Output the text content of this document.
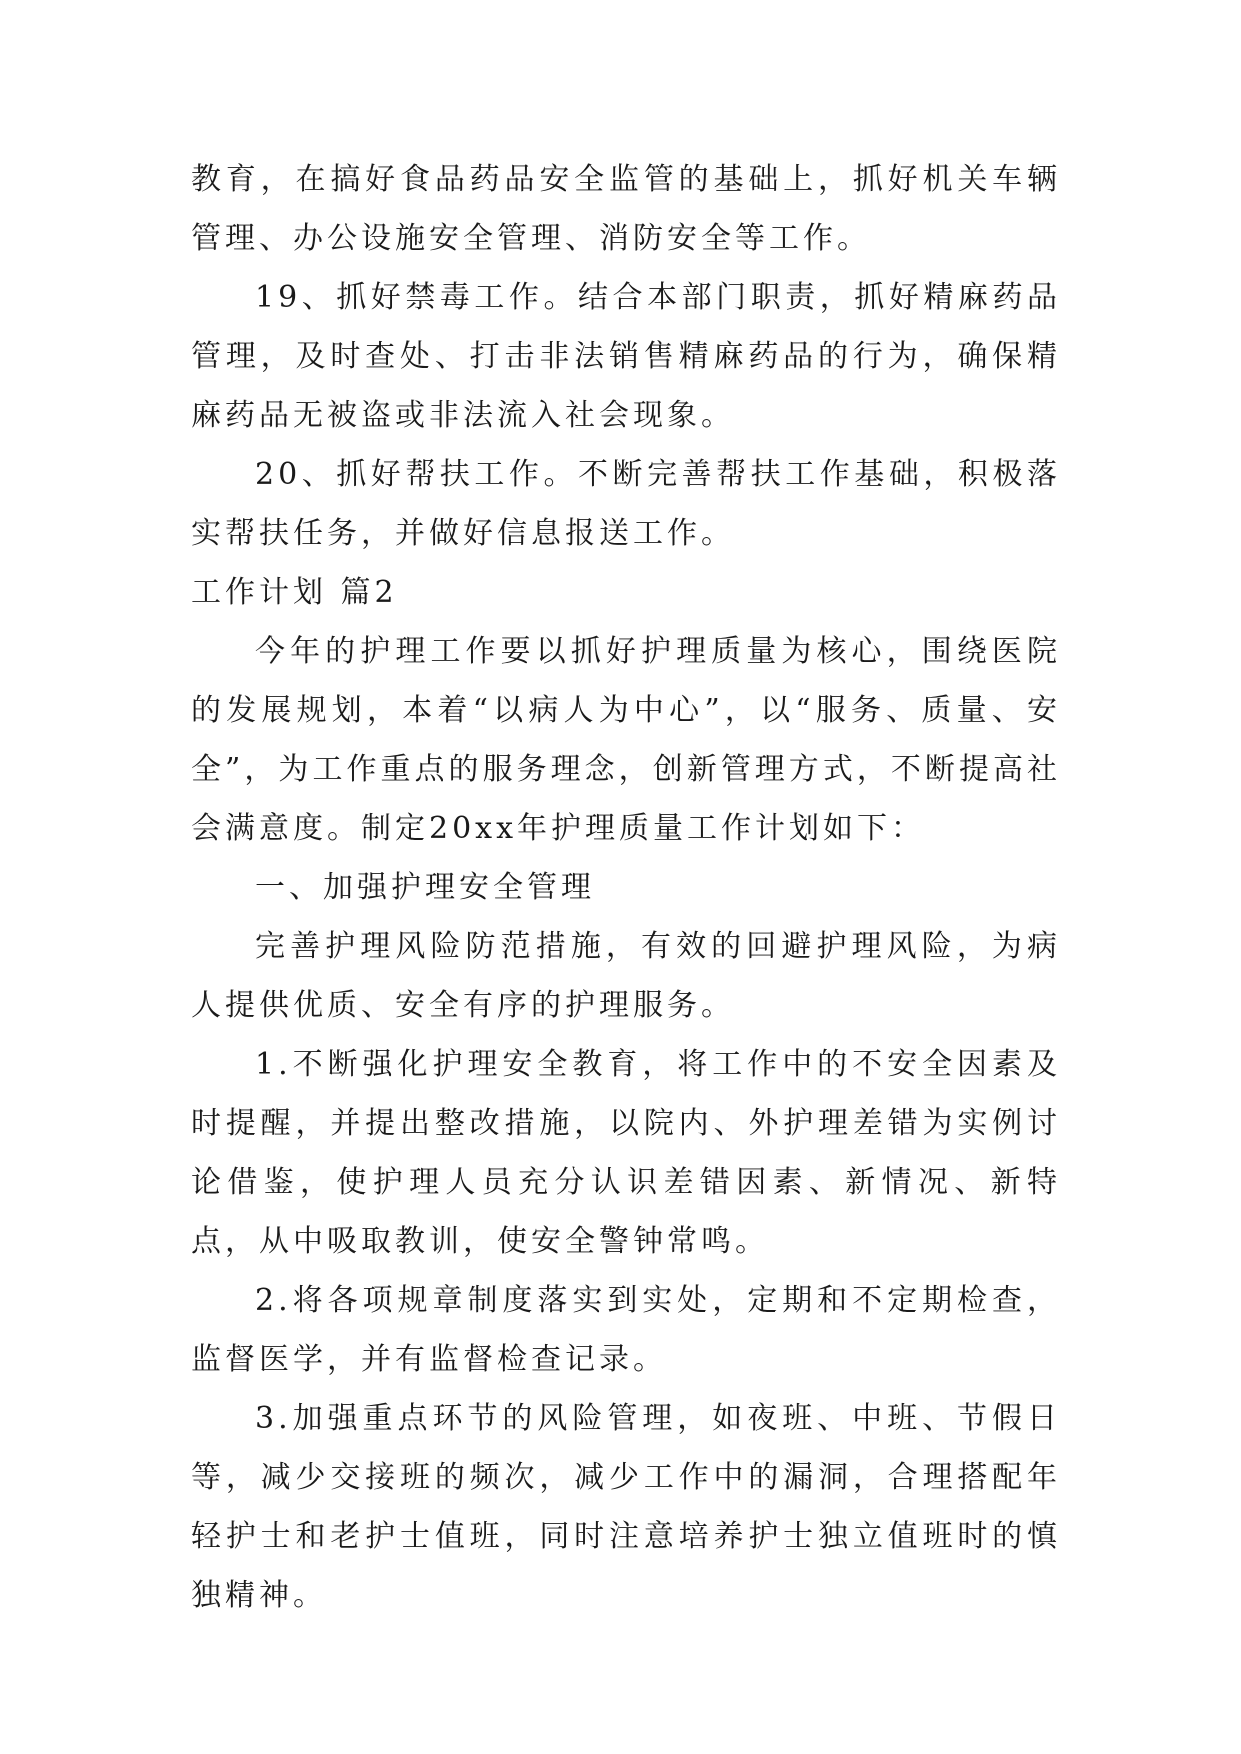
教育，在搞好食品药品安全监管的基础上，抓好机关车辆管理、办公设施安全管理、消防安全等工作。

19、抓好禁毒工作。结合本部门职责，抓好精麻药品管理，及时查处、打击非法销售精麻药品的行为，确保精麻药品无被盗或非法流入社会现象。

20、抓好帮扶工作。不断完善帮扶工作基础，积极落实帮扶任务，并做好信息报送工作。

工作计划 篇2

今年的护理工作要以抓好护理质量为核心，围绕医院的发展规划，本着“以病人为中心”，以“服务、质量、安全”，为工作重点的服务理念，创新管理方式，不断提高社会满意度。制定20xx年护理质量工作计划如下：

一、加强护理安全管理

完善护理风险防范措施，有效的回避护理风险，为病人提供优质、安全有序的护理服务。

1.不断强化护理安全教育，将工作中的不安全因素及时提醒，并提出整改措施，以院内、外护理差错为实例讨论借鉴，使护理人员充分认识差错因素、新情况、新特点，从中吸取教训，使安全警钟常鸣。

2.将各项规章制度落实到实处，定期和不定期检查，监督医学，并有监督检查记录。

3.加强重点环节的风险管理，如夜班、中班、节假日等，减少交接班的频次，减少工作中的漏洞，合理搭配年轻护士和老护士值班，同时注意培养护士独立值班时的慎独精神。
